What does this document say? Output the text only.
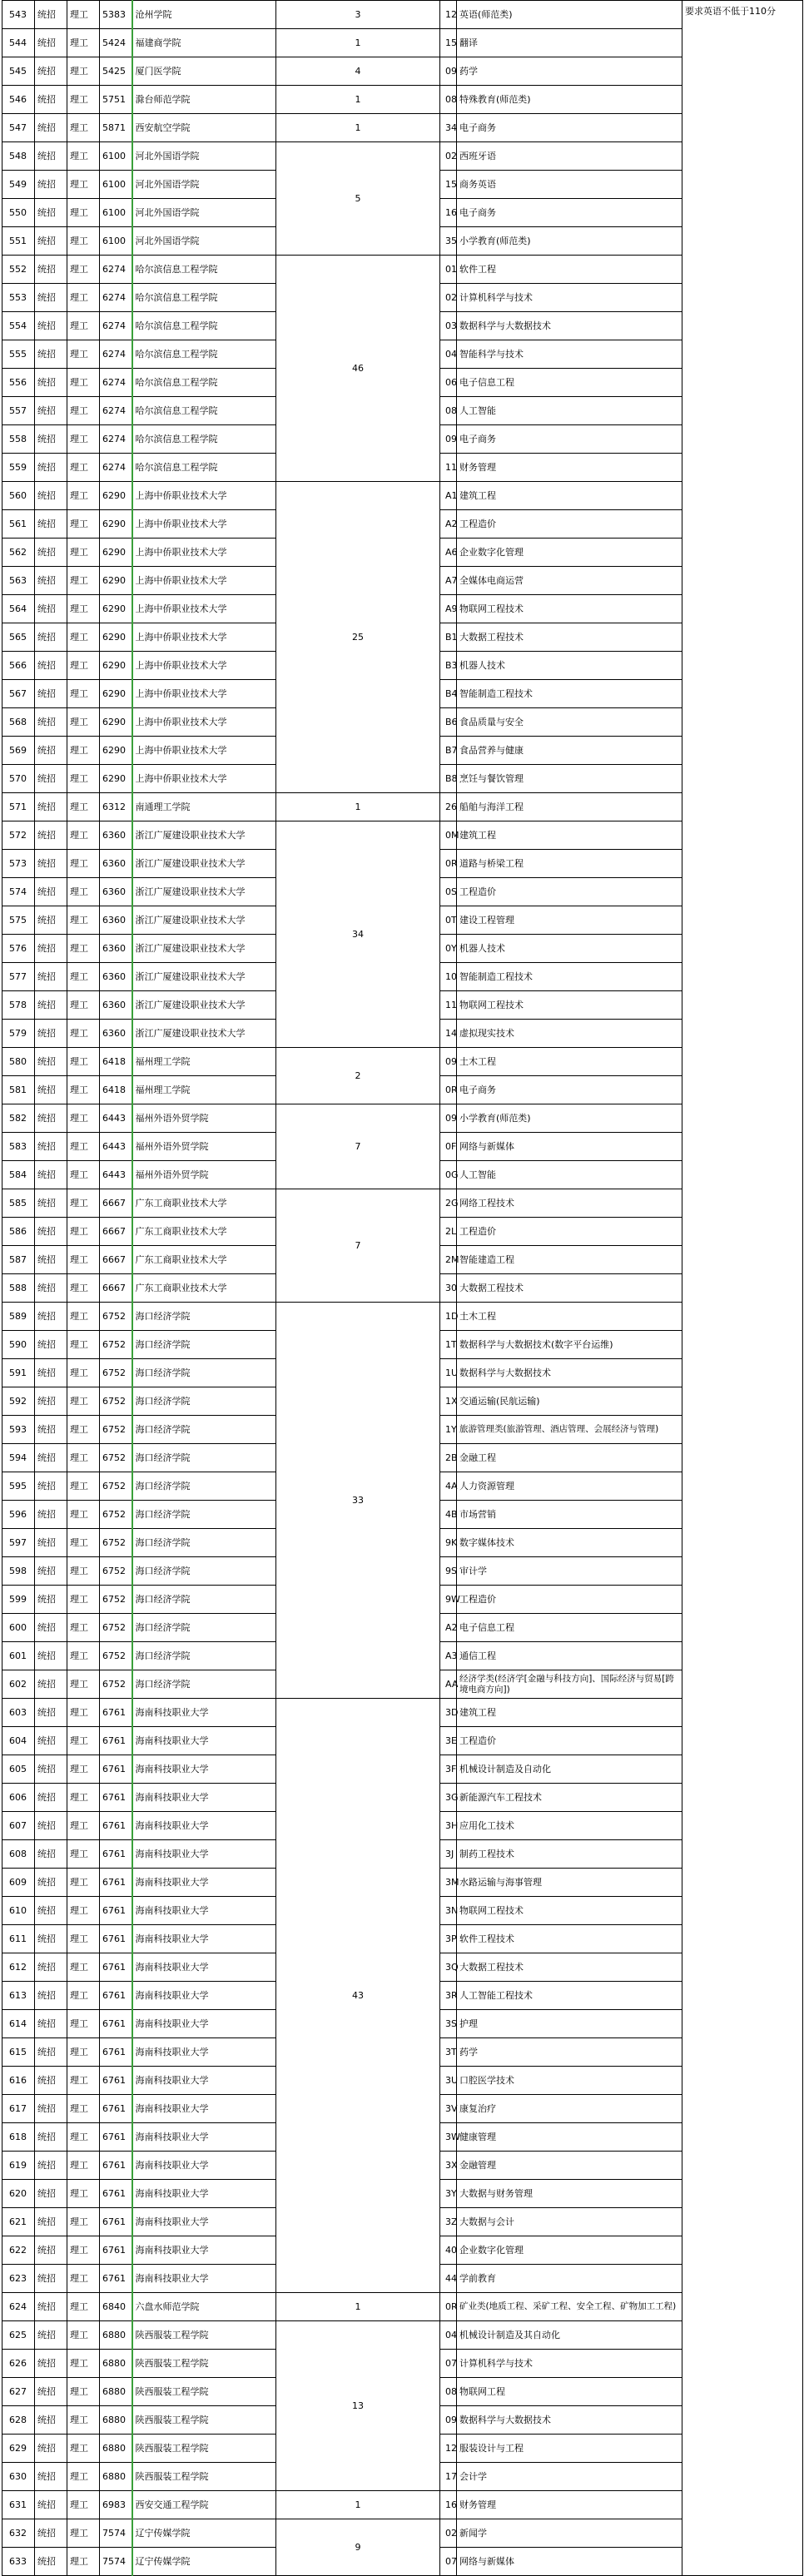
543	统招	理工	5383	沧州学院	3	12	英语(师范类)	要求英语不低于110分
544	统招	理工	5424	福建商学院	1	15	翻译	
545	统招	理工	5425	厦门医学院	4	09	药学	
546	统招	理工	5751	滁台师范学院	1	08	特殊教育(师范类)	
547	统招	理工	5871	西安航空学院	1	34	电子商务	
548	统招	理工	6100	河北外国语学院	5	02	西班牙语	
549	统招	理工	6100	河北外国语学院		15	商务英语	
550	统招	理工	6100	河北外国语学院		16	电子商务	
551	统招	理工	6100	河北外国语学院		35	小学教育(师范类)	
552	统招	理工	6274	哈尔滨信息工程学院	46	01	软件工程	
553	统招	理工	6274	哈尔滨信息工程学院		02	计算机科学与技术	
554	统招	理工	6274	哈尔滨信息工程学院		03	数据科学与大数据技术	
555	统招	理工	6274	哈尔滨信息工程学院		04	智能科学与技术	
556	统招	理工	6274	哈尔滨信息工程学院		06	电子信息工程	
557	统招	理工	6274	哈尔滨信息工程学院		08	人工智能	
558	统招	理工	6274	哈尔滨信息工程学院		09	电子商务	
559	统招	理工	6274	哈尔滨信息工程学院		11	财务管理	
560	统招	理工	6290	上海中侨职业技术大学	25	A1	建筑工程	
561	统招	理工	6290	上海中侨职业技术大学		A2	工程造价	
562	统招	理工	6290	上海中侨职业技术大学		A6	企业数字化管理	
563	统招	理工	6290	上海中侨职业技术大学		A7	全媒体电商运营	
564	统招	理工	6290	上海中侨职业技术大学		A9	物联网工程技术	
565	统招	理工	6290	上海中侨职业技术大学		B1	大数据工程技术	
566	统招	理工	6290	上海中侨职业技术大学		B3	机器人技术	
567	统招	理工	6290	上海中侨职业技术大学		B4	智能制造工程技术	
568	统招	理工	6290	上海中侨职业技术大学		B6	食品质量与安全	
569	统招	理工	6290	上海中侨职业技术大学		B7	食品营养与健康	
570	统招	理工	6290	上海中侨职业技术大学		B8	烹饪与餐饮管理	
571	统招	理工	6312	南通理工学院	1	26	船舶与海洋工程	
572	统招	理工	6360	浙江广厦建设职业技术大学	34	0M	建筑工程	
573	统招	理工	6360	浙江广厦建设职业技术大学		0R	道路与桥梁工程	
574	统招	理工	6360	浙江广厦建设职业技术大学		0S	工程造价	
575	统招	理工	6360	浙江广厦建设职业技术大学		0T	建设工程管理	
576	统招	理工	6360	浙江广厦建设职业技术大学		0Y	机器人技术	
577	统招	理工	6360	浙江广厦建设职业技术大学		10	智能制造工程技术	
578	统招	理工	6360	浙江广厦建设职业技术大学		11	物联网工程技术	
579	统招	理工	6360	浙江广厦建设职业技术大学		14	虚拟现实技术	
580	统招	理工	6418	福州理工学院	2	09	土木工程	
581	统招	理工	6418	福州理工学院		0R	电子商务	
582	统招	理工	6443	福州外语外贸学院	7	09	小学教育(师范类)	
583	统招	理工	6443	福州外语外贸学院		0F	网络与新媒体	
584	统招	理工	6443	福州外语外贸学院		0G	人工智能	
585	统招	理工	6667	广东工商职业技术大学	7	2G	网络工程技术	
586	统招	理工	6667	广东工商职业技术大学		2L	工程造价	
587	统招	理工	6667	广东工商职业技术大学		2M	智能建造工程	
588	统招	理工	6667	广东工商职业技术大学		30	大数据工程技术	
589	统招	理工	6752	海口经济学院	33	1D	土木工程	
590	统招	理工	6752	海口经济学院		1T	数据科学与大数据技术(数字平台运维)	
591	统招	理工	6752	海口经济学院		1U	数据科学与大数据技术	
592	统招	理工	6752	海口经济学院		1X	交通运输(民航运输)	
593	统招	理工	6752	海口经济学院		1Y	旅游管理类(旅游管理、酒店管理、会展经济与管理)	
594	统招	理工	6752	海口经济学院		2B	金融工程	
595	统招	理工	6752	海口经济学院		4A	人力资源管理	
596	统招	理工	6752	海口经济学院		4B	市场营销	
597	统招	理工	6752	海口经济学院		9K	数字媒体技术	
598	统招	理工	6752	海口经济学院		9S	审计学	
599	统招	理工	6752	海口经济学院		9W	工程造价	
600	统招	理工	6752	海口经济学院		A2	电子信息工程	
601	统招	理工	6752	海口经济学院		A3	通信工程	
602	统招	理工	6752	海口经济学院		AA	经济学类(经济学[金融与科技方向]、国际经济与贸易[跨境电商方向])	
603	统招	理工	6761	海南科技职业大学	43	3D	建筑工程	
604	统招	理工	6761	海南科技职业大学		3E	工程造价	
605	统招	理工	6761	海南科技职业大学		3F	机械设计制造及自动化	
606	统招	理工	6761	海南科技职业大学		3G	新能源汽车工程技术	
607	统招	理工	6761	海南科技职业大学		3H	应用化工技术	
608	统招	理工	6761	海南科技职业大学		3J	制药工程技术	
609	统招	理工	6761	海南科技职业大学		3M	水路运输与海事管理	
610	统招	理工	6761	海南科技职业大学		3N	物联网工程技术	
611	统招	理工	6761	海南科技职业大学		3P	软件工程技术	
612	统招	理工	6761	海南科技职业大学		3Q	大数据工程技术	
613	统招	理工	6761	海南科技职业大学		3R	人工智能工程技术	
614	统招	理工	6761	海南科技职业大学		3S	护理	
615	统招	理工	6761	海南科技职业大学		3T	药学	
616	统招	理工	6761	海南科技职业大学		3U	口腔医学技术	
617	统招	理工	6761	海南科技职业大学		3V	康复治疗	
618	统招	理工	6761	海南科技职业大学		3W	健康管理	
619	统招	理工	6761	海南科技职业大学		3X	金融管理	
620	统招	理工	6761	海南科技职业大学		3Y	大数据与财务管理	
621	统招	理工	6761	海南科技职业大学		3Z	大数据与会计	
622	统招	理工	6761	海南科技职业大学		40	企业数字化管理	
623	统招	理工	6761	海南科技职业大学		44	学前教育	
624	统招	理工	6840	六盘水师范学院	1	0R	矿业类(地质工程、采矿工程、安全工程、矿物加工工程)	
625	统招	理工	6880	陕西服装工程学院	13	04	机械设计制造及其自动化	
626	统招	理工	6880	陕西服装工程学院		07	计算机科学与技术	
627	统招	理工	6880	陕西服装工程学院		08	物联网工程	
628	统招	理工	6880	陕西服装工程学院		09	数据科学与大数据技术	
629	统招	理工	6880	陕西服装工程学院		12	服装设计与工程	
630	统招	理工	6880	陕西服装工程学院		17	会计学	
631	统招	理工	6983	西安交通工程学院	1	16	财务管理	
632	统招	理工	7574	辽宁传媒学院	9	02	新闻学	
633	统招	理工	7574	辽宁传媒学院		07	网络与新媒体	
